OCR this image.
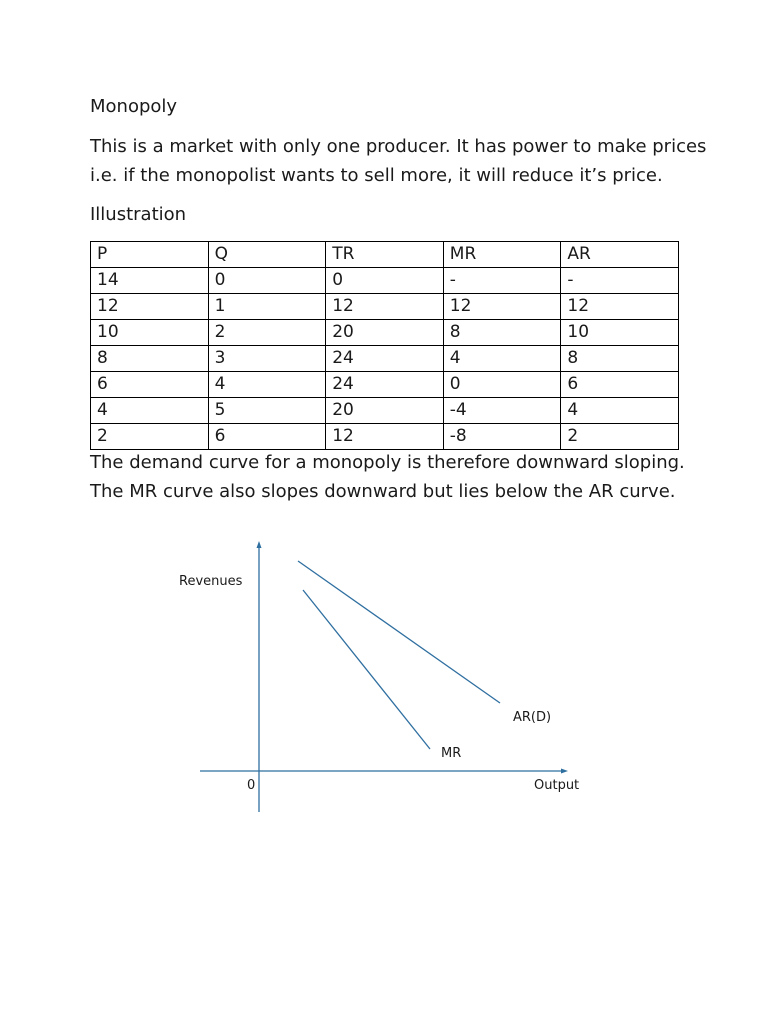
Monopoly

This is a market with only one producer. It has power to make prices
i.e. if the monopolist wants to sell more, it will reduce it’s price.

Illustration

P	Q	TR	MR	AR
14	0	0	-	-
12	1	12	12	12
10	2	20	8	10
8	3	24	4	8
6	4	24	0	6
4	5	20	-4	4
2	6	12	-8	2

The demand curve for a monopoly is therefore downward sloping.
The MR curve also slopes downward but lies below the AR curve.

Revenues
Output
0
AR(D)
MR
